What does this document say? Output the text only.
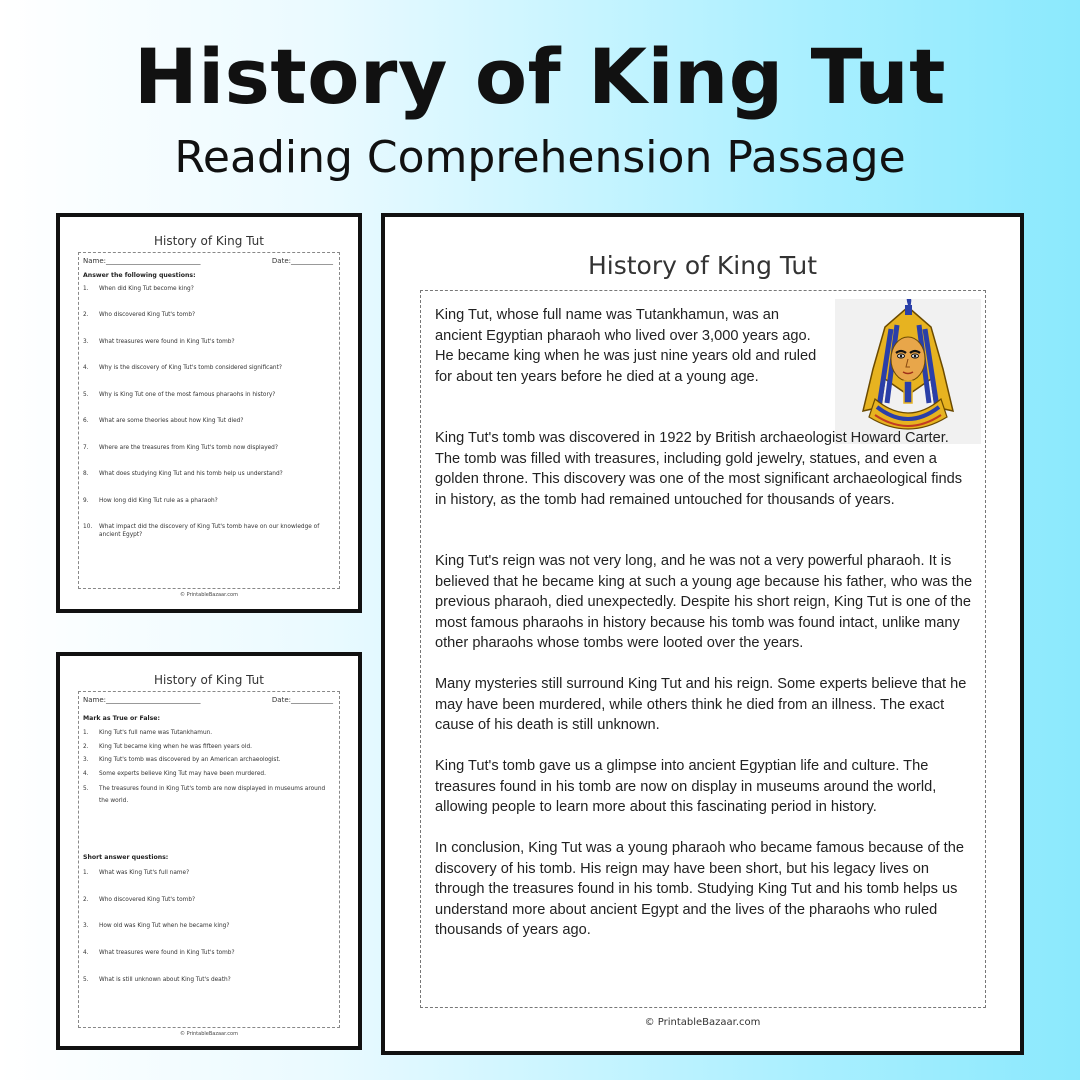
History of King Tut
Reading Comprehension Passage
History of King Tut
Name:___________________________	Date:____________
Answer the following questions:
1. When did King Tut become king?
2. Who discovered King Tut's tomb?
3. What treasures were found in King Tut's tomb?
4. Why is the discovery of King Tut's tomb considered significant?
5. Why is King Tut one of the most famous pharaohs in history?
6. What are some theories about how King Tut died?
7. Where are the treasures from King Tut's tomb now displayed?
8. What does studying King Tut and his tomb help us understand?
9. How long did King Tut rule as a pharaoh?
10. What impact did the discovery of King Tut's tomb have on our knowledge of ancient Egypt?
© PrintableBazaar.com
History of King Tut
Name:___________________________	Date:____________
Mark as True or False:
1. King Tut's full name was Tutankhamun.
2. King Tut became king when he was fifteen years old.
3. King Tut's tomb was discovered by an American archaeologist.
4. Some experts believe King Tut may have been murdered.
5. The treasures found in King Tut's tomb are now displayed in museums around the world.
Short answer questions:
1. What was King Tut's full name?
2. Who discovered King Tut's tomb?
3. How old was King Tut when he became king?
4. What treasures were found in King Tut's tomb?
5. What is still unknown about King Tut's death?
© PrintableBazaar.com
History of King Tut

King Tut, whose full name was Tutankhamun, was an ancient Egyptian pharaoh who lived over 3,000 years ago. He became king when he was just nine years old and ruled for about ten years before he died at a young age.

King Tut's tomb was discovered in 1922 by British archaeologist Howard Carter. The tomb was filled with treasures, including gold jewelry, statues, and even a golden throne. This discovery was one of the most significant archaeological finds in history, as the tomb had remained untouched for thousands of years.

King Tut's reign was not very long, and he was not a very powerful pharaoh. It is believed that he became king at such a young age because his father, who was the previous pharaoh, died unexpectedly. Despite his short reign, King Tut is one of the most famous pharaohs in history because his tomb was found intact, unlike many other pharaohs whose tombs were looted over the years.

Many mysteries still surround King Tut and his reign. Some experts believe that he may have been murdered, while others think he died from an illness. The exact cause of his death is still unknown.

King Tut's tomb gave us a glimpse into ancient Egyptian life and culture. The treasures found in his tomb are now on display in museums around the world, allowing people to learn more about this fascinating period in history.

In conclusion, King Tut was a young pharaoh who became famous because of the discovery of his tomb. His reign may have been short, but his legacy lives on through the treasures found in his tomb. Studying King Tut and his tomb helps us understand more about ancient Egypt and the lives of the pharaohs who ruled thousands of years ago.

© PrintableBazaar.com
